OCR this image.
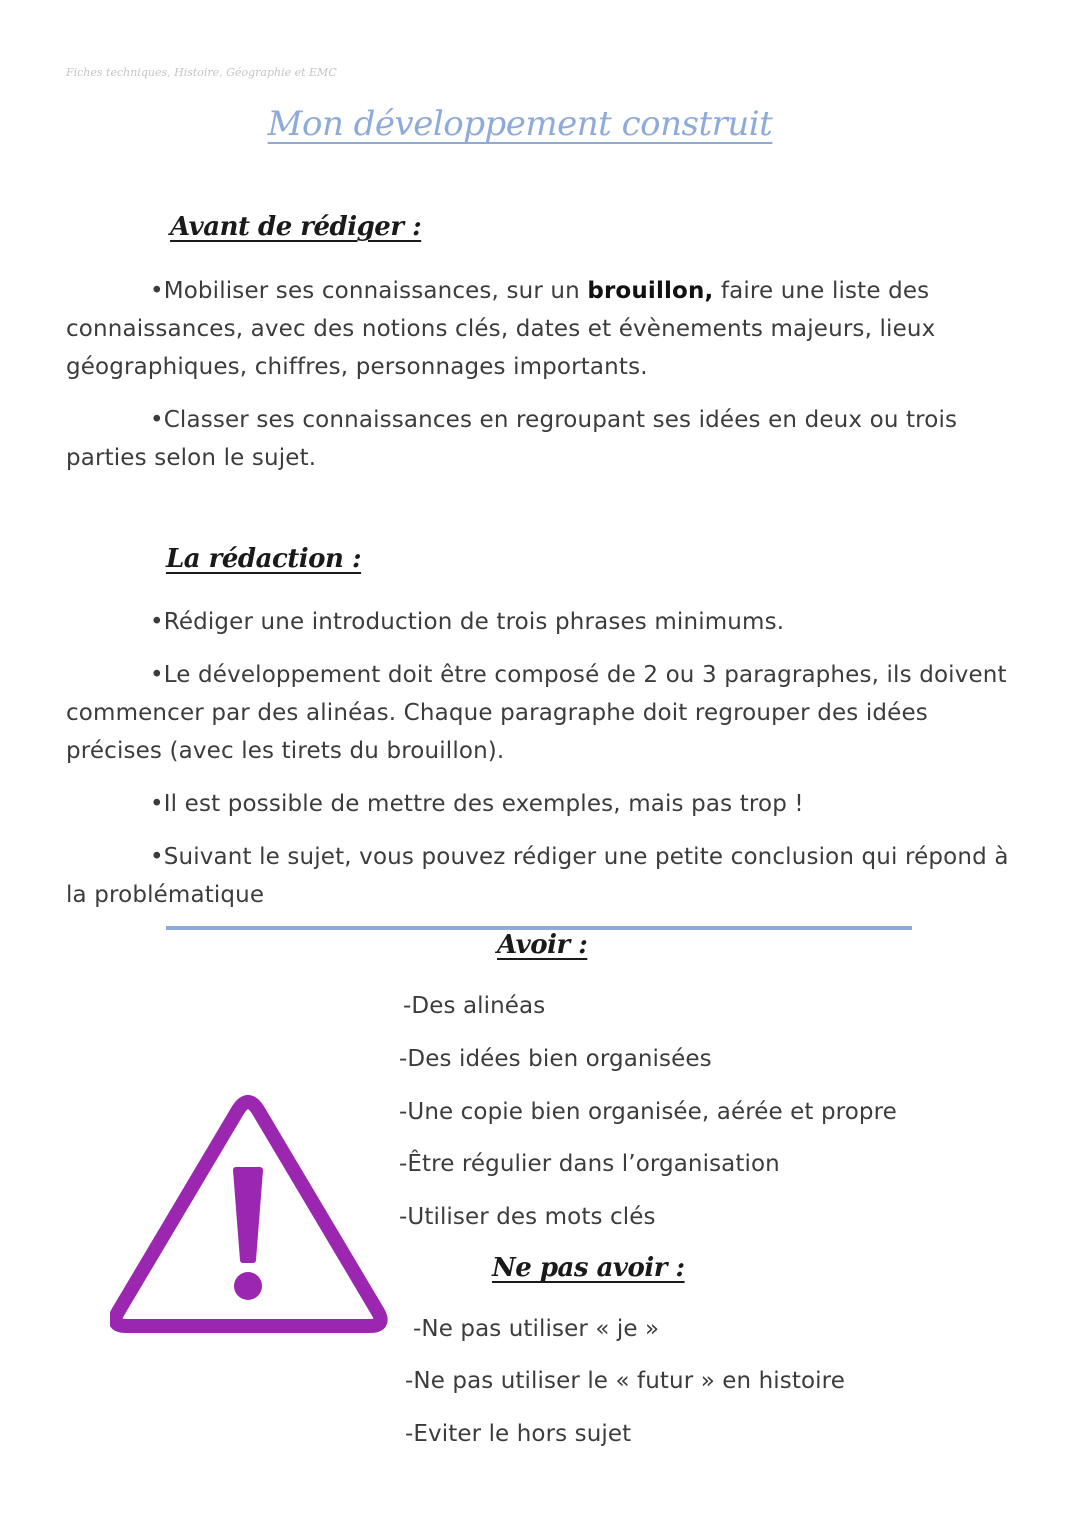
Fiches techniques, Histoire, Géographie et EMC
Mon développement construit
Avant de rédiger :
•Mobiliser ses connaissances, sur un brouillon, faire une liste des connaissances, avec des notions clés, dates et évènements majeurs, lieux géographiques, chiffres, personnages importants.
•Classer ses connaissances en regroupant ses idées en deux ou trois parties selon le sujet.
La rédaction :
•Rédiger une introduction de trois phrases minimums.
•Le développement doit être composé de 2 ou 3 paragraphes, ils doivent commencer par des alinéas. Chaque paragraphe doit regrouper des idées précises (avec les tirets du brouillon).
•Il est possible de mettre des exemples, mais pas trop !
•Suivant le sujet, vous pouvez rédiger une petite conclusion qui répond à la problématique
Avoir :
-Des alinéas
-Des idées bien organisées
-Une copie bien organisée, aérée et propre
-Être régulier dans l’organisation
-Utiliser des mots clés
Ne pas avoir :
-Ne pas utiliser « je »
-Ne pas utiliser le « futur » en histoire
-Eviter le hors sujet
